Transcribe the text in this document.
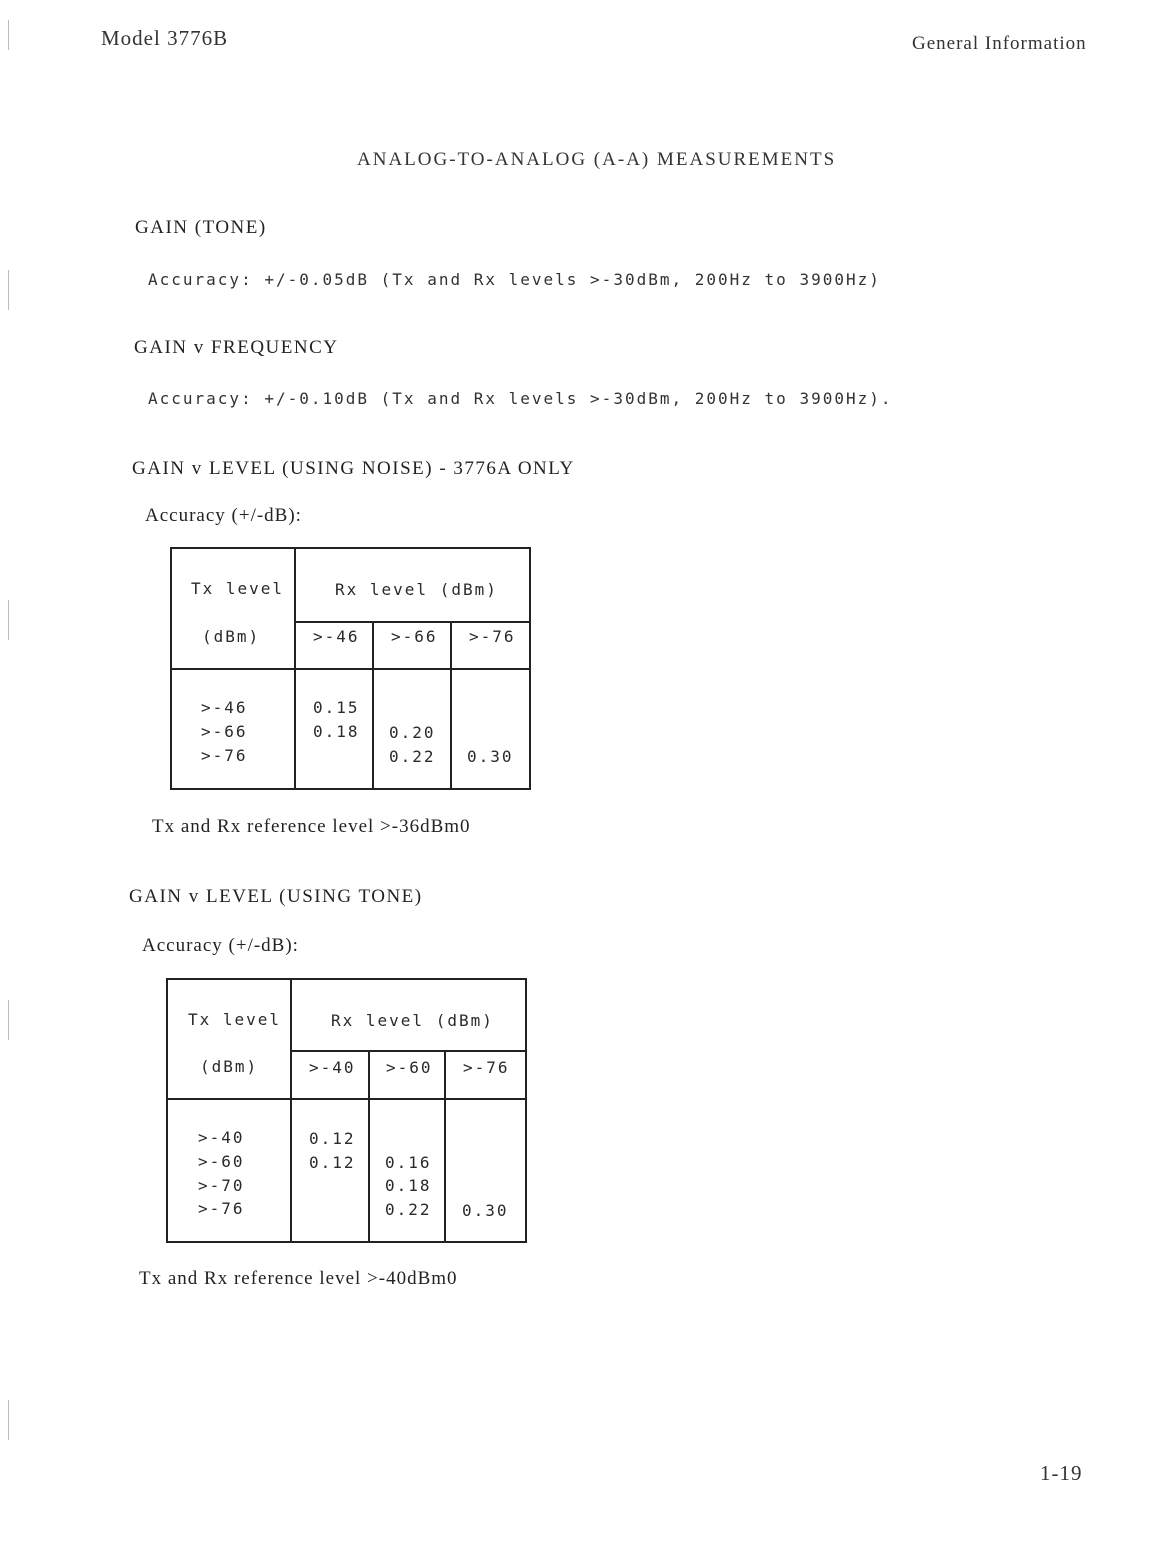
Model 3776B	General Information
ANALOG-TO-ANALOG (A-A) MEASUREMENTS
GAIN (TONE)
Accuracy: +/-0.05dB (Tx and Rx levels >-30dBm, 200Hz to 3900Hz)
GAIN v FREQUENCY
Accuracy: +/-0.10dB (Tx and Rx levels >-30dBm, 200Hz to 3900Hz).
GAIN v LEVEL (USING NOISE) - 3776A ONLY
Accuracy (+/-dB):
Tx level
(dBm)
Rx level (dBm)
>-46 >-66 >-76
>-46
>-66
>-76
0.15
0.18 0.20
0.22 0.30
Tx and Rx reference level >-36dBm0
GAIN v LEVEL (USING TONE)
Accuracy (+/-dB):
Tx level
(dBm)
Rx level (dBm)
>-40 >-60 >-76
>-40
>-60
>-70
>-76
0.12
0.12 0.16
0.18
0.22 0.30
Tx and Rx reference level >-40dBm0
1-19
